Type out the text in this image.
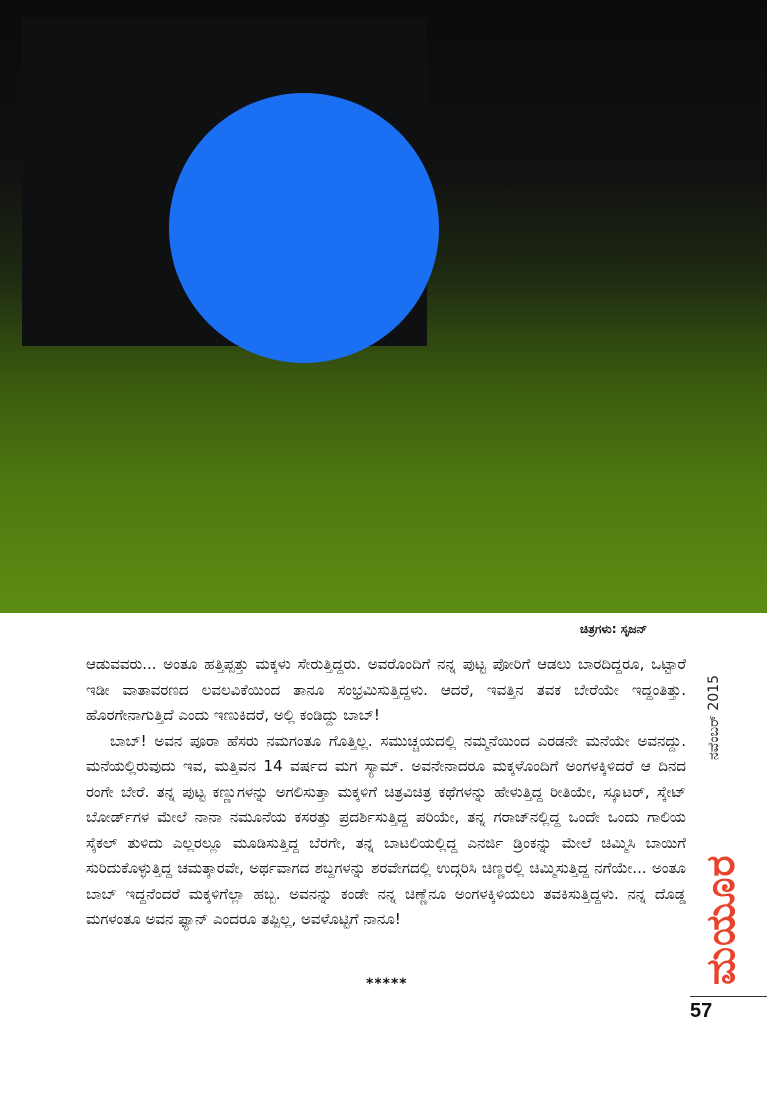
ಚಿತ್ರಗಳು: ಸೃಜನ್

ಆಡುವವರು... ಅಂತೂ ಹತ್ತಿಪ್ಪತ್ತು ಮಕ್ಕಳು ಸೇರುತ್ತಿದ್ದರು. ಅವರೊಂದಿಗೆ ನನ್ನ ಪುಟ್ಟ ಪೋರಿಗೆ ಆಡಲು ಬಾರದಿದ್ದರೂ, ಒಟ್ಟಾರೆ ಇಡೀ ವಾತಾವರಣದ ಲವಲವಿಕೆಯಿಂದ ತಾನೂ ಸಂಭ್ರಮಿಸುತ್ತಿದ್ದಳು. ಆದರೆ, ಇವತ್ತಿನ ತವಕ ಬೇರೆಯೇ ಇದ್ದಂತಿತ್ತು. ಹೊರಗೇನಾಗುತ್ತಿದೆ ಎಂದು ಇಣುಕಿದರೆ, ಅಲ್ಲಿ ಕಂಡಿದ್ದು ಬಾಬ್!

ಬಾಬ್! ಅವನ ಪೂರಾ ಹೆಸರು ನಮಗಂತೂ ಗೊತ್ತಿಲ್ಲ. ಸಮುಚ್ಚಯದಲ್ಲಿ ನಮ್ಮನೆಯಿಂದ ಎರಡನೇ ಮನೆಯೇ ಅವನದ್ದು. ಮನೆಯಲ್ಲಿರುವುದು ಇವ, ಮತ್ತಿವನ 14 ವರ್ಷದ ಮಗ ಸ್ಯಾಮ್. ಅವನೇನಾದರೂ ಮಕ್ಕಳೊಂದಿಗೆ ಅಂಗಳಕ್ಕಿಳಿದರೆ ಆ ದಿನದ ರಂಗೇ ಬೇರೆ. ತನ್ನ ಪುಟ್ಟ ಕಣ್ಣುಗಳನ್ನು ಅಗಲಿಸುತ್ತಾ ಮಕ್ಕಳಿಗೆ ಚಿತ್ರವಿಚಿತ್ರ ಕಥೆಗಳನ್ನು ಹೇಳುತ್ತಿದ್ದ ರೀತಿಯೇ, ಸ್ಕೂಟರ್, ಸ್ಕೇಟ್ ಬೋರ್ಡ್‌ಗಳ ಮೇಲೆ ನಾನಾ ನಮೂನೆಯ ಕಸರತ್ತು ಪ್ರದರ್ಶಿಸುತ್ತಿದ್ದ ಪರಿಯೇ, ತನ್ನ ಗರಾಜ್‌ನಲ್ಲಿದ್ದ ಒಂದೇ ಒಂದು ಗಾಲಿಯ ಸೈಕಲ್ ತುಳಿದು ಎಲ್ಲರಲ್ಲೂ ಮೂಡಿಸುತ್ತಿದ್ದ ಬೆರಗೇ, ತನ್ನ ಬಾಟಲಿಯಲ್ಲಿದ್ದ ಎನರ್ಜಿ ಡ್ರಿಂಕನ್ನು ಮೇಲೆ ಚಿಮ್ಮಿಸಿ ಬಾಯಿಗೆ ಸುರಿದುಕೊಳ್ಳುತ್ತಿದ್ದ ಚಮತ್ಕಾರವೇ, ಅರ್ಥವಾಗದ ಶಬ್ದಗಳನ್ನು ಶರವೇಗದಲ್ಲಿ ಉದ್ಗರಿಸಿ ಚಿಣ್ಣರಲ್ಲಿ ಚಿಮ್ಮಿಸುತ್ತಿದ್ದ ನಗೆಯೇ... ಅಂತೂ ಬಾಬ್ ಇದ್ದನೆಂದರೆ ಮಕ್ಕಳಿಗೆಲ್ಲಾ ಹಬ್ಬ. ಅವನನ್ನು ಕಂಡೇ ನನ್ನ ಚಿಣ್ಣೆನೂ ಅಂಗಳಕ್ಕಿಳಿಯಲು ತವಕಿಸುತ್ತಿದ್ದಳು. ನನ್ನ ದೊಡ್ಡ ಮಗಳಂತೂ ಅವನ ಫ್ಯಾನ್ ಎಂದರೂ ತಪ್ಪಿಲ್ಲ, ಅವಳೊಟ್ಟಿಗೆ ನಾನೂ!

*****
ನವೆಂಬರ್ 2015
ಮಯೂರ
57
